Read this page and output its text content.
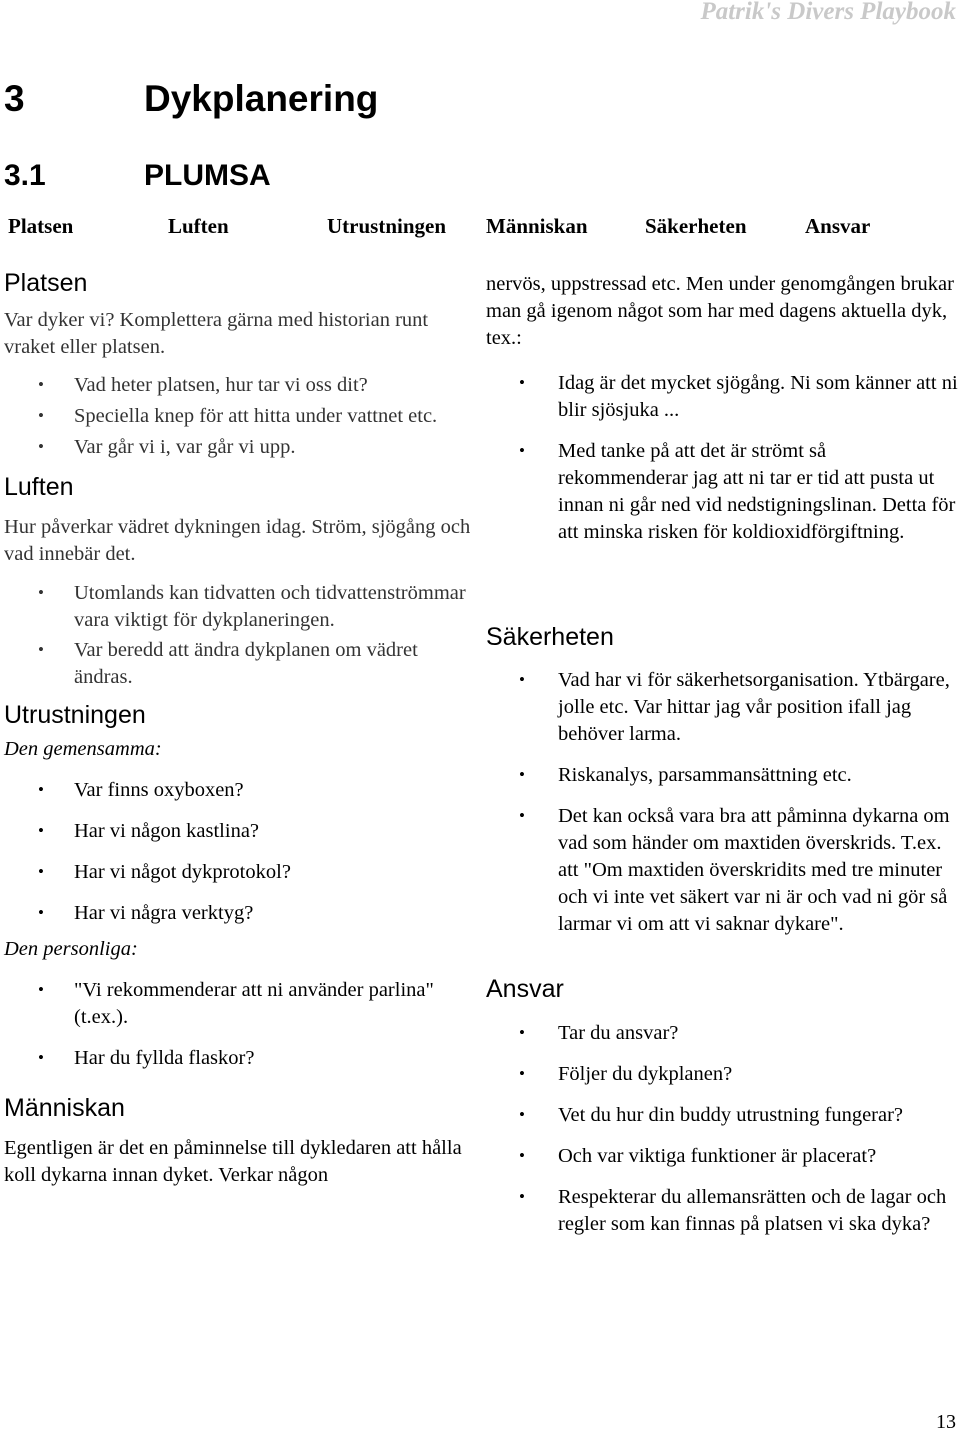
Patrik's Divers Playbook
3	Dykplanering
3.1	PLUMSA
Platsen	Luften	Utrustningen Människan	Säkerheten	Ansvar
Platsen

Var dyker vi? Komplettera gärna med historian runt vraket eller platsen.

• Vad heter platsen, hur tar vi oss dit?
• Speciella knep för att hitta under vattnet etc.
• Var går vi i, var går vi upp.
Luften

Hur påverkar vädret dykningen idag. Ström, sjögång och vad innebär det.

• Utomlands kan tidvatten och tidvattenströmmar vara viktigt för dykplaneringen.
• Var beredd att ändra dykplanen om vädret ändras.
Utrustningen

Den gemensamma:

• Var finns oxyboxen?
• Har vi någon kastlina?
• Har vi något dykprotokol?
• Har vi några verktyg?

Den personliga:

• "Vi rekommenderar att ni använder parlina" (t.ex.).
• Har du fyllda flaskor?
Människan

Egentligen är det en påminnelse till dykledaren att hålla koll dykarna innan dyket. Verkar någon

nervös, uppstressad etc. Men under genomgången brukar man gå igenom något som har med dagens aktuella dyk, tex.:

• Idag är det mycket sjögång. Ni som känner att ni blir sjösjuka ...
• Med tanke på att det är strömt så rekommenderar jag att ni tar er tid att pusta ut innan ni går ned vid nedstigningslinan. Detta för att minska risken för koldioxidförgiftning.
Säkerheten
• Vad har vi för säkerhetsorganisation. Ytbärgare, jolle etc. Var hittar jag vår position ifall jag behöver larma.
• Riskanalys, parsammansättning etc.
• Det kan också vara bra att påminna dykarna om vad som händer om maxtiden överskrids. T.ex. att "Om maxtiden överskridits med tre minuter och vi inte vet säkert var ni är och vad ni gör så larmar vi om att vi saknar dykare".
Ansvar
• Tar du ansvar?
• Följer du dykplanen?
• Vet du hur din buddy utrustning fungerar?
• Och var viktiga funktioner är placerat?
• Respekterar du allemansrätten och de lagar och regler som kan finnas på platsen vi ska dyka?
13
